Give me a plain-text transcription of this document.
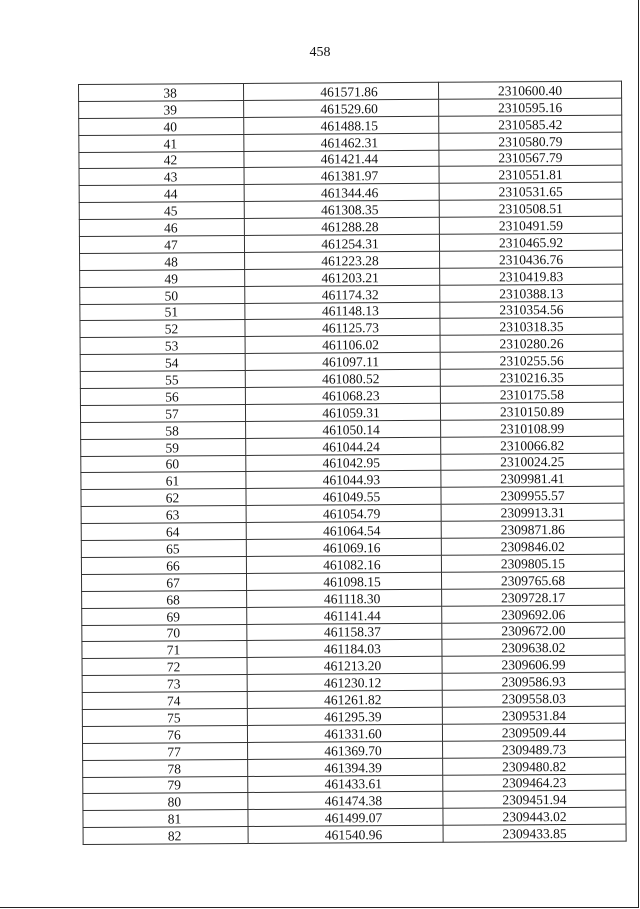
458
38	461571.86	2310600.40
39	461529.60	2310595.16
40	461488.15	2310585.42
41	461462.31	2310580.79
42	461421.44	2310567.79
43	461381.97	2310551.81
44	461344.46	2310531.65
45	461308.35	2310508.51
46	461288.28	2310491.59
47	461254.31	2310465.92
48	461223.28	2310436.76
49	461203.21	2310419.83
50	461174.32	2310388.13
51	461148.13	2310354.56
52	461125.73	2310318.35
53	461106.02	2310280.26
54	461097.11	2310255.56
55	461080.52	2310216.35
56	461068.23	2310175.58
57	461059.31	2310150.89
58	461050.14	2310108.99
59	461044.24	2310066.82
60	461042.95	2310024.25
61	461044.93	2309981.41
62	461049.55	2309955.57
63	461054.79	2309913.31
64	461064.54	2309871.86
65	461069.16	2309846.02
66	461082.16	2309805.15
67	461098.15	2309765.68
68	461118.30	2309728.17
69	461141.44	2309692.06
70	461158.37	2309672.00
71	461184.03	2309638.02
72	461213.20	2309606.99
73	461230.12	2309586.93
74	461261.82	2309558.03
75	461295.39	2309531.84
76	461331.60	2309509.44
77	461369.70	2309489.73
78	461394.39	2309480.82
79	461433.61	2309464.23
80	461474.38	2309451.94
81	461499.07	2309443.02
82	461540.96	2309433.85
